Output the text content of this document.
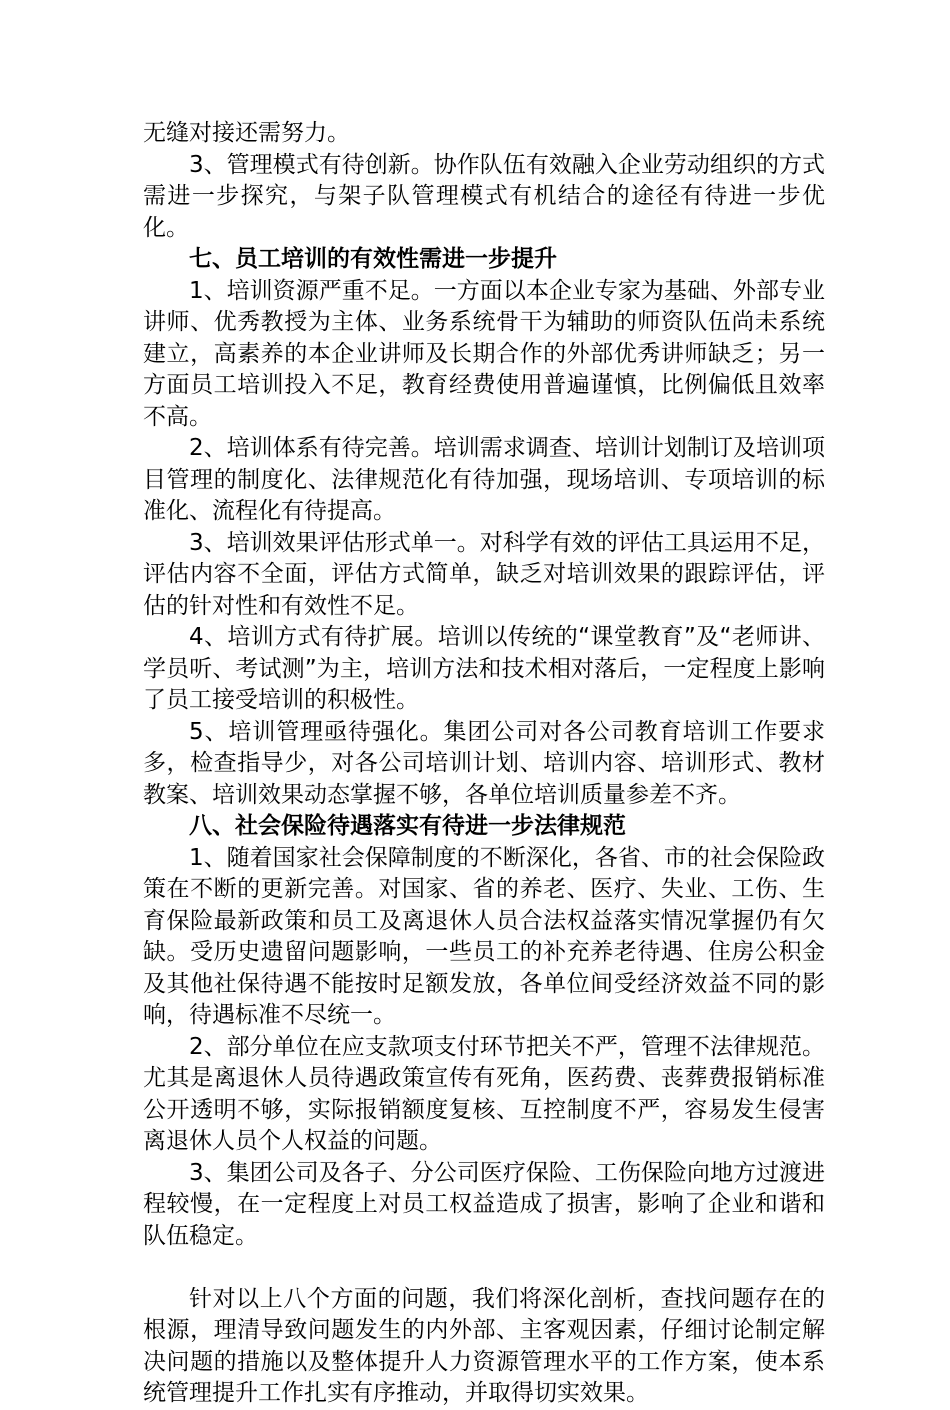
无缝对接还需努力。

3、管理模式有待创新。协作队伍有效融入企业劳动组织的方式需进一步探究，与架子队管理模式有机结合的途径有待进一步优化。

七、员工培训的有效性需进一步提升

1、培训资源严重不足。一方面以本企业专家为基础、外部专业讲师、优秀教授为主体、业务系统骨干为辅助的师资队伍尚未系统建立，高素养的本企业讲师及长期合作的外部优秀讲师缺乏；另一方面员工培训投入不足，教育经费使用普遍谨慎，比例偏低且效率不高。

2、培训体系有待完善。培训需求调查、培训计划制订及培训项目管理的制度化、法律规范化有待加强，现场培训、专项培训的标准化、流程化有待提高。

3、培训效果评估形式单一。对科学有效的评估工具运用不足，评估内容不全面，评估方式简单，缺乏对培训效果的跟踪评估，评估的针对性和有效性不足。

4、培训方式有待扩展。培训以传统的“课堂教育”及“老师讲、学员听、考试测”为主，培训方法和技术相对落后，一定程度上影响了员工接受培训的积极性。

5、培训管理亟待强化。集团公司对各公司教育培训工作要求多，检查指导少，对各公司培训计划、培训内容、培训形式、教材教案、培训效果动态掌握不够，各单位培训质量参差不齐。

八、社会保险待遇落实有待进一步法律规范

1、随着国家社会保障制度的不断深化，各省、市的社会保险政策在不断的更新完善。对国家、省的养老、医疗、失业、工伤、生育保险最新政策和员工及离退休人员合法权益落实情况掌握仍有欠缺。受历史遗留问题影响，一些员工的补充养老待遇、住房公积金及其他社保待遇不能按时足额发放，各单位间受经济效益不同的影响，待遇标准不尽统一。

2、部分单位在应支款项支付环节把关不严，管理不法律规范。尤其是离退休人员待遇政策宣传有死角，医药费、丧葬费报销标准公开透明不够，实际报销额度复核、互控制度不严，容易发生侵害离退休人员个人权益的问题。

3、集团公司及各子、分公司医疗保险、工伤保险向地方过渡进程较慢，在一定程度上对员工权益造成了损害，影响了企业和谐和队伍稳定。

针对以上八个方面的问题，我们将深化剖析，查找问题存在的根源，理清导致问题发生的内外部、主客观因素，仔细讨论制定解决问题的措施以及整体提升人力资源管理水平的工作方案，使本系统管理提升工作扎实有序推动，并取得切实效果。
